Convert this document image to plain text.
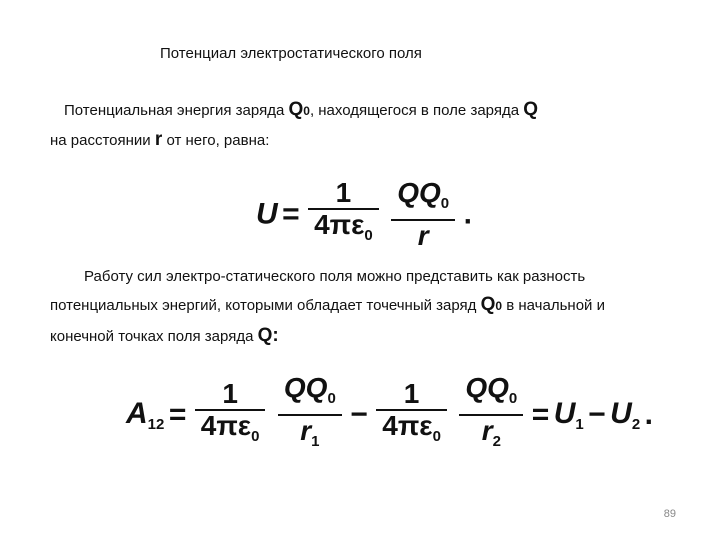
Потенциал электростатического поля
Потенциальная энергия заряда Q0, находящегося в поле заряда Q
на расстоянии r от него, равна:
$U = \frac{1}{4\pi\varepsilon_0}$
$\frac{QQ_0}{r}$ .
Работу сил электро-статического поля можно представить как разность
потенциальных энергий, которыми обладает точечный заряд Q0 в начальной и
конечной точках поля заряда Q:
$A_{12} = \frac{1}{4\pi\varepsilon_0}$
$\frac{QQ_0}{r_1} - \frac{1}{4\pi\varepsilon_0}$
$\frac{QQ_0}{r_2} = U_1 - U_2$ .
89
